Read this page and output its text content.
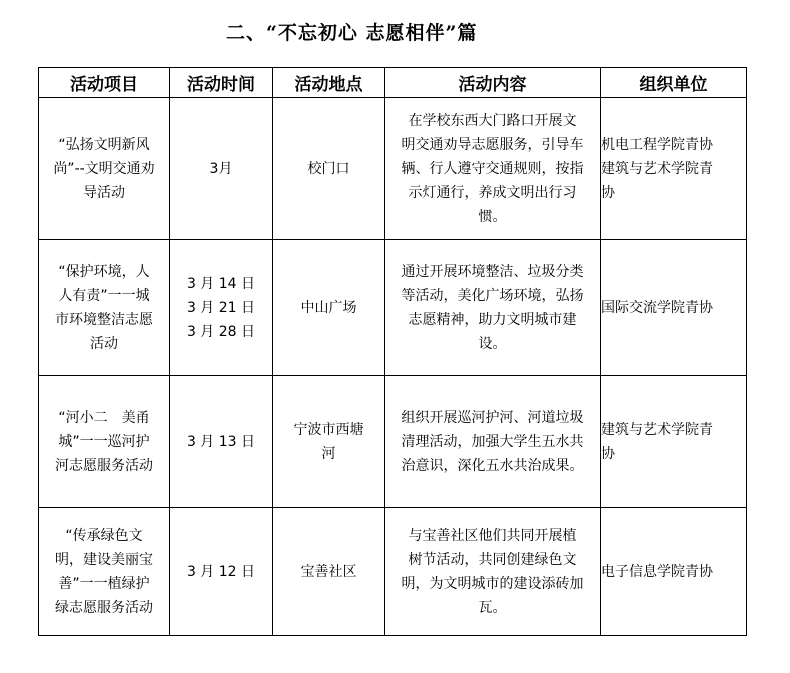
二、“不忘初心 志愿相伴”篇
活动项目	活动时间	活动地点	活动内容	组织单位

“弘扬文明新风
尚”--文明交通劝
导活动	3月	校门口	在学校东西大门路口开展文
明交通劝导志愿服务，引导车
辆、行人遵守交通规则，按指
示灯通行，养成文明出行习
惯。	机电工程学院青协
建筑与艺术学院青
协

“保护环境，人
人有责”一一城
市环境整洁志愿
活动	3 月 14 日
3 月 21 日
3 月 28 日	中山广场	通过开展环境整洁、垃圾分类
等活动，美化广场环境，弘扬
志愿精神，助力文明城市建
设。	国际交流学院青协

“河小二　美甬
城”一一巡河护
河志愿服务活动	3 月 13 日	宁波市西塘
河	组织开展巡河护河、河道垃圾
清理活动，加强大学生五水共
治意识，深化五水共治成果。	建筑与艺术学院青
协

“传承绿色文
明，建设美丽宝
善”一一植绿护
绿志愿服务活动	3 月 12 日	宝善社区	与宝善社区他们共同开展植
树节活动，共同创建绿色文
明，为文明城市的建设添砖加
瓦。	电子信息学院青协
